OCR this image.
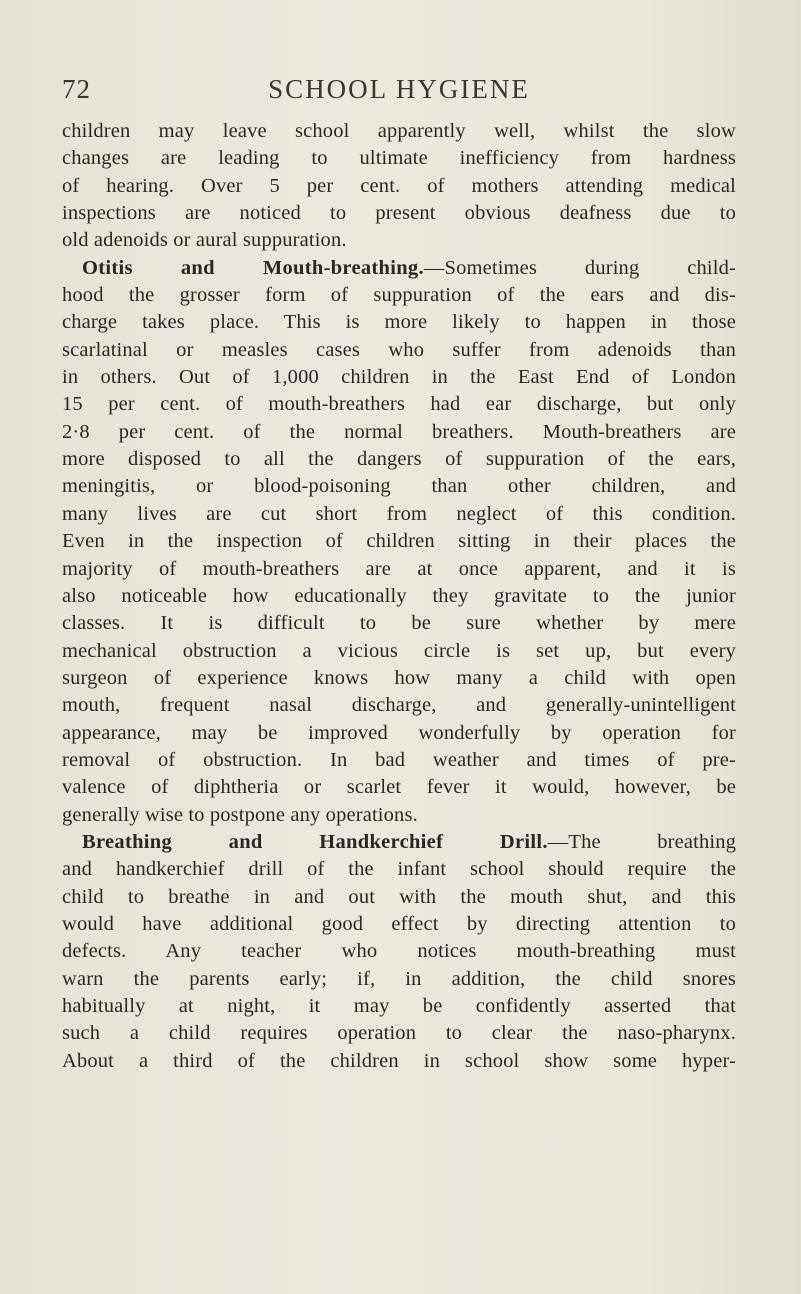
72	SCHOOL HYGIENE
children may leave school apparently well, whilst the slow
changes are leading to ultimate inefficiency from hardness
of hearing. Over 5 per cent. of mothers attending medical
inspections are noticed to present obvious deafness due to
old adenoids or aural suppuration.
Otitis and Mouth-breathing.—Sometimes during child-
hood the grosser form of suppuration of the ears and dis-
charge takes place. This is more likely to happen in those
scarlatinal or measles cases who suffer from adenoids than
in others. Out of 1,000 children in the East End of London
15 per cent. of mouth-breathers had ear discharge, but only
2·8 per cent. of the normal breathers. Mouth-breathers are
more disposed to all the dangers of suppuration of the ears,
meningitis, or blood-poisoning than other children, and
many lives are cut short from neglect of this condition.
Even in the inspection of children sitting in their places the
majority of mouth-breathers are at once apparent, and it is
also noticeable how educationally they gravitate to the junior
classes. It is difficult to be sure whether by mere
mechanical obstruction a vicious circle is set up, but every
surgeon of experience knows how many a child with open
mouth, frequent nasal discharge, and generally-unintelligent
appearance, may be improved wonderfully by operation for
removal of obstruction. In bad weather and times of pre-
valence of diphtheria or scarlet fever it would, however, be
generally wise to postpone any operations.
Breathing and Handkerchief Drill.—The breathing
and handkerchief drill of the infant school should require the
child to breathe in and out with the mouth shut, and this
would have additional good effect by directing attention to
defects. Any teacher who notices mouth-breathing must
warn the parents early; if, in addition, the child snores
habitually at night, it may be confidently asserted that
such a child requires operation to clear the naso-pharynx.
About a third of the children in school show some hyper-
